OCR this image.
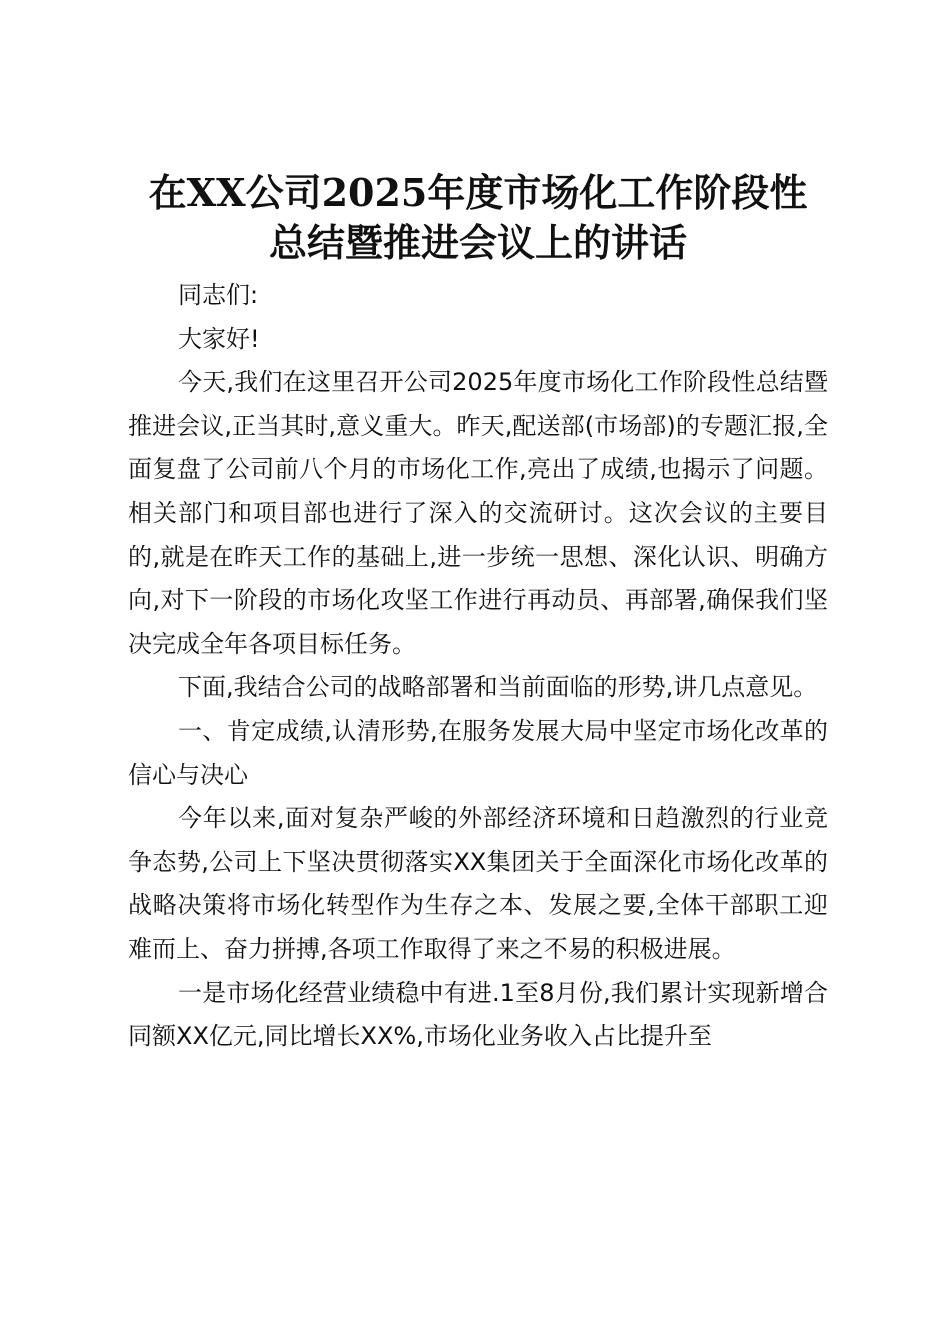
在XX公司2025年度市场化工作阶段性
总结暨推进会议上的讲话

同志们:

大家好!

今天,我们在这里召开公司2025年度市场化工作阶段性总结暨推进会议,正当其时,意义重大。昨天,配送部(市场部)的专题汇报,全面复盘了公司前八个月的市场化工作,亮出了成绩,也揭示了问题。相关部门和项目部也进行了深入的交流研讨。这次会议的主要目的,就是在昨天工作的基础上,进一步统一思想、深化认识、明确方向,对下一阶段的市场化攻坚工作进行再动员、再部署,确保我们坚决完成全年各项目标任务。

下面,我结合公司的战略部署和当前面临的形势,讲几点意见。

一、肯定成绩,认清形势,在服务发展大局中坚定市场化改革的信心与决心

今年以来,面对复杂严峻的外部经济环境和日趋激烈的行业竞争态势,公司上下坚决贯彻落实XX集团关于全面深化市场化改革的战略决策将市场化转型作为生存之本、发展之要,全体干部职工迎难而上、奋力拼搏,各项工作取得了来之不易的积极进展。

一是市场化经营业绩稳中有进.1至8月份,我们累计实现新增合同额XX亿元,同比增长XX%,市场化业务收入占比提升至
